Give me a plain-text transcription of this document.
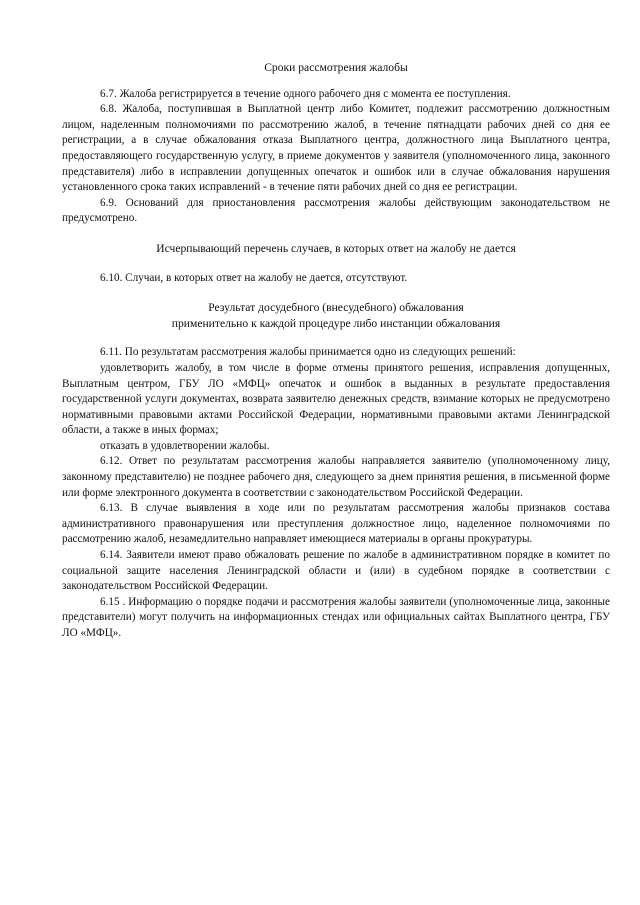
Сроки рассмотрения жалобы

6.7. Жалоба регистрируется в течение одного рабочего дня с момента ее поступления.

6.8. Жалоба, поступившая в Выплатной центр либо Комитет, подлежит рассмотрению должностным лицом, наделенным полномочиями по рассмотрению жалоб, в течение пятнадцати рабочих дней со дня ее регистрации, а в случае обжалования отказа Выплатного центра, должностного лица Выплатного центра, предоставляющего государственную услугу, в приеме документов у заявителя (уполномоченного лица, законного представителя) либо в исправлении допущенных опечаток и ошибок или в случае обжалования нарушения установленного срока таких исправлений - в течение пяти рабочих дней со дня ее регистрации.

6.9. Оснований для приостановления рассмотрения жалобы действующим законодательством не предусмотрено.

Исчерпывающий перечень случаев, в которых ответ на жалобу не дается

6.10. Случаи, в которых ответ на жалобу не дается, отсутствуют.

Результат досудебного (внесудебного) обжалования
применительно к каждой процедуре либо инстанции обжалования

6.11. По результатам рассмотрения жалобы принимается одно из следующих решений:

удовлетворить жалобу, в том числе в форме отмены принятого решения, исправления допущенных, Выплатным центром, ГБУ ЛО «МФЦ» опечаток и ошибок в выданных в результате предоставления государственной услуги документах, возврата заявителю денежных средств, взимание которых не предусмотрено нормативными правовыми актами Российской Федерации, нормативными правовыми актами Ленинградской области, а также в иных формах;

отказать в удовлетворении жалобы.

6.12. Ответ по результатам рассмотрения жалобы направляется заявителю (уполномоченному лицу, законному представителю) не позднее рабочего дня, следующего за днем принятия решения, в письменной форме или форме электронного документа в соответствии с законодательством Российской Федерации.

6.13. В случае выявления в ходе или по результатам рассмотрения жалобы признаков состава административного правонарушения или преступления должностное лицо, наделенное полномочиями по рассмотрению жалоб, незамедлительно направляет имеющиеся материалы в органы прокуратуры.

6.14. Заявители имеют право обжаловать решение по жалобе в административном порядке в комитет по социальной защите населения Ленинградской области и (или) в судебном порядке в соответствии с законодательством Российской Федерации.

6.15 . Информацию о порядке подачи и рассмотрения жалобы заявители (уполномоченные лица, законные представители) могут получить на информационных стендах или официальных сайтах Выплатного центра, ГБУ ЛО «МФЦ».
